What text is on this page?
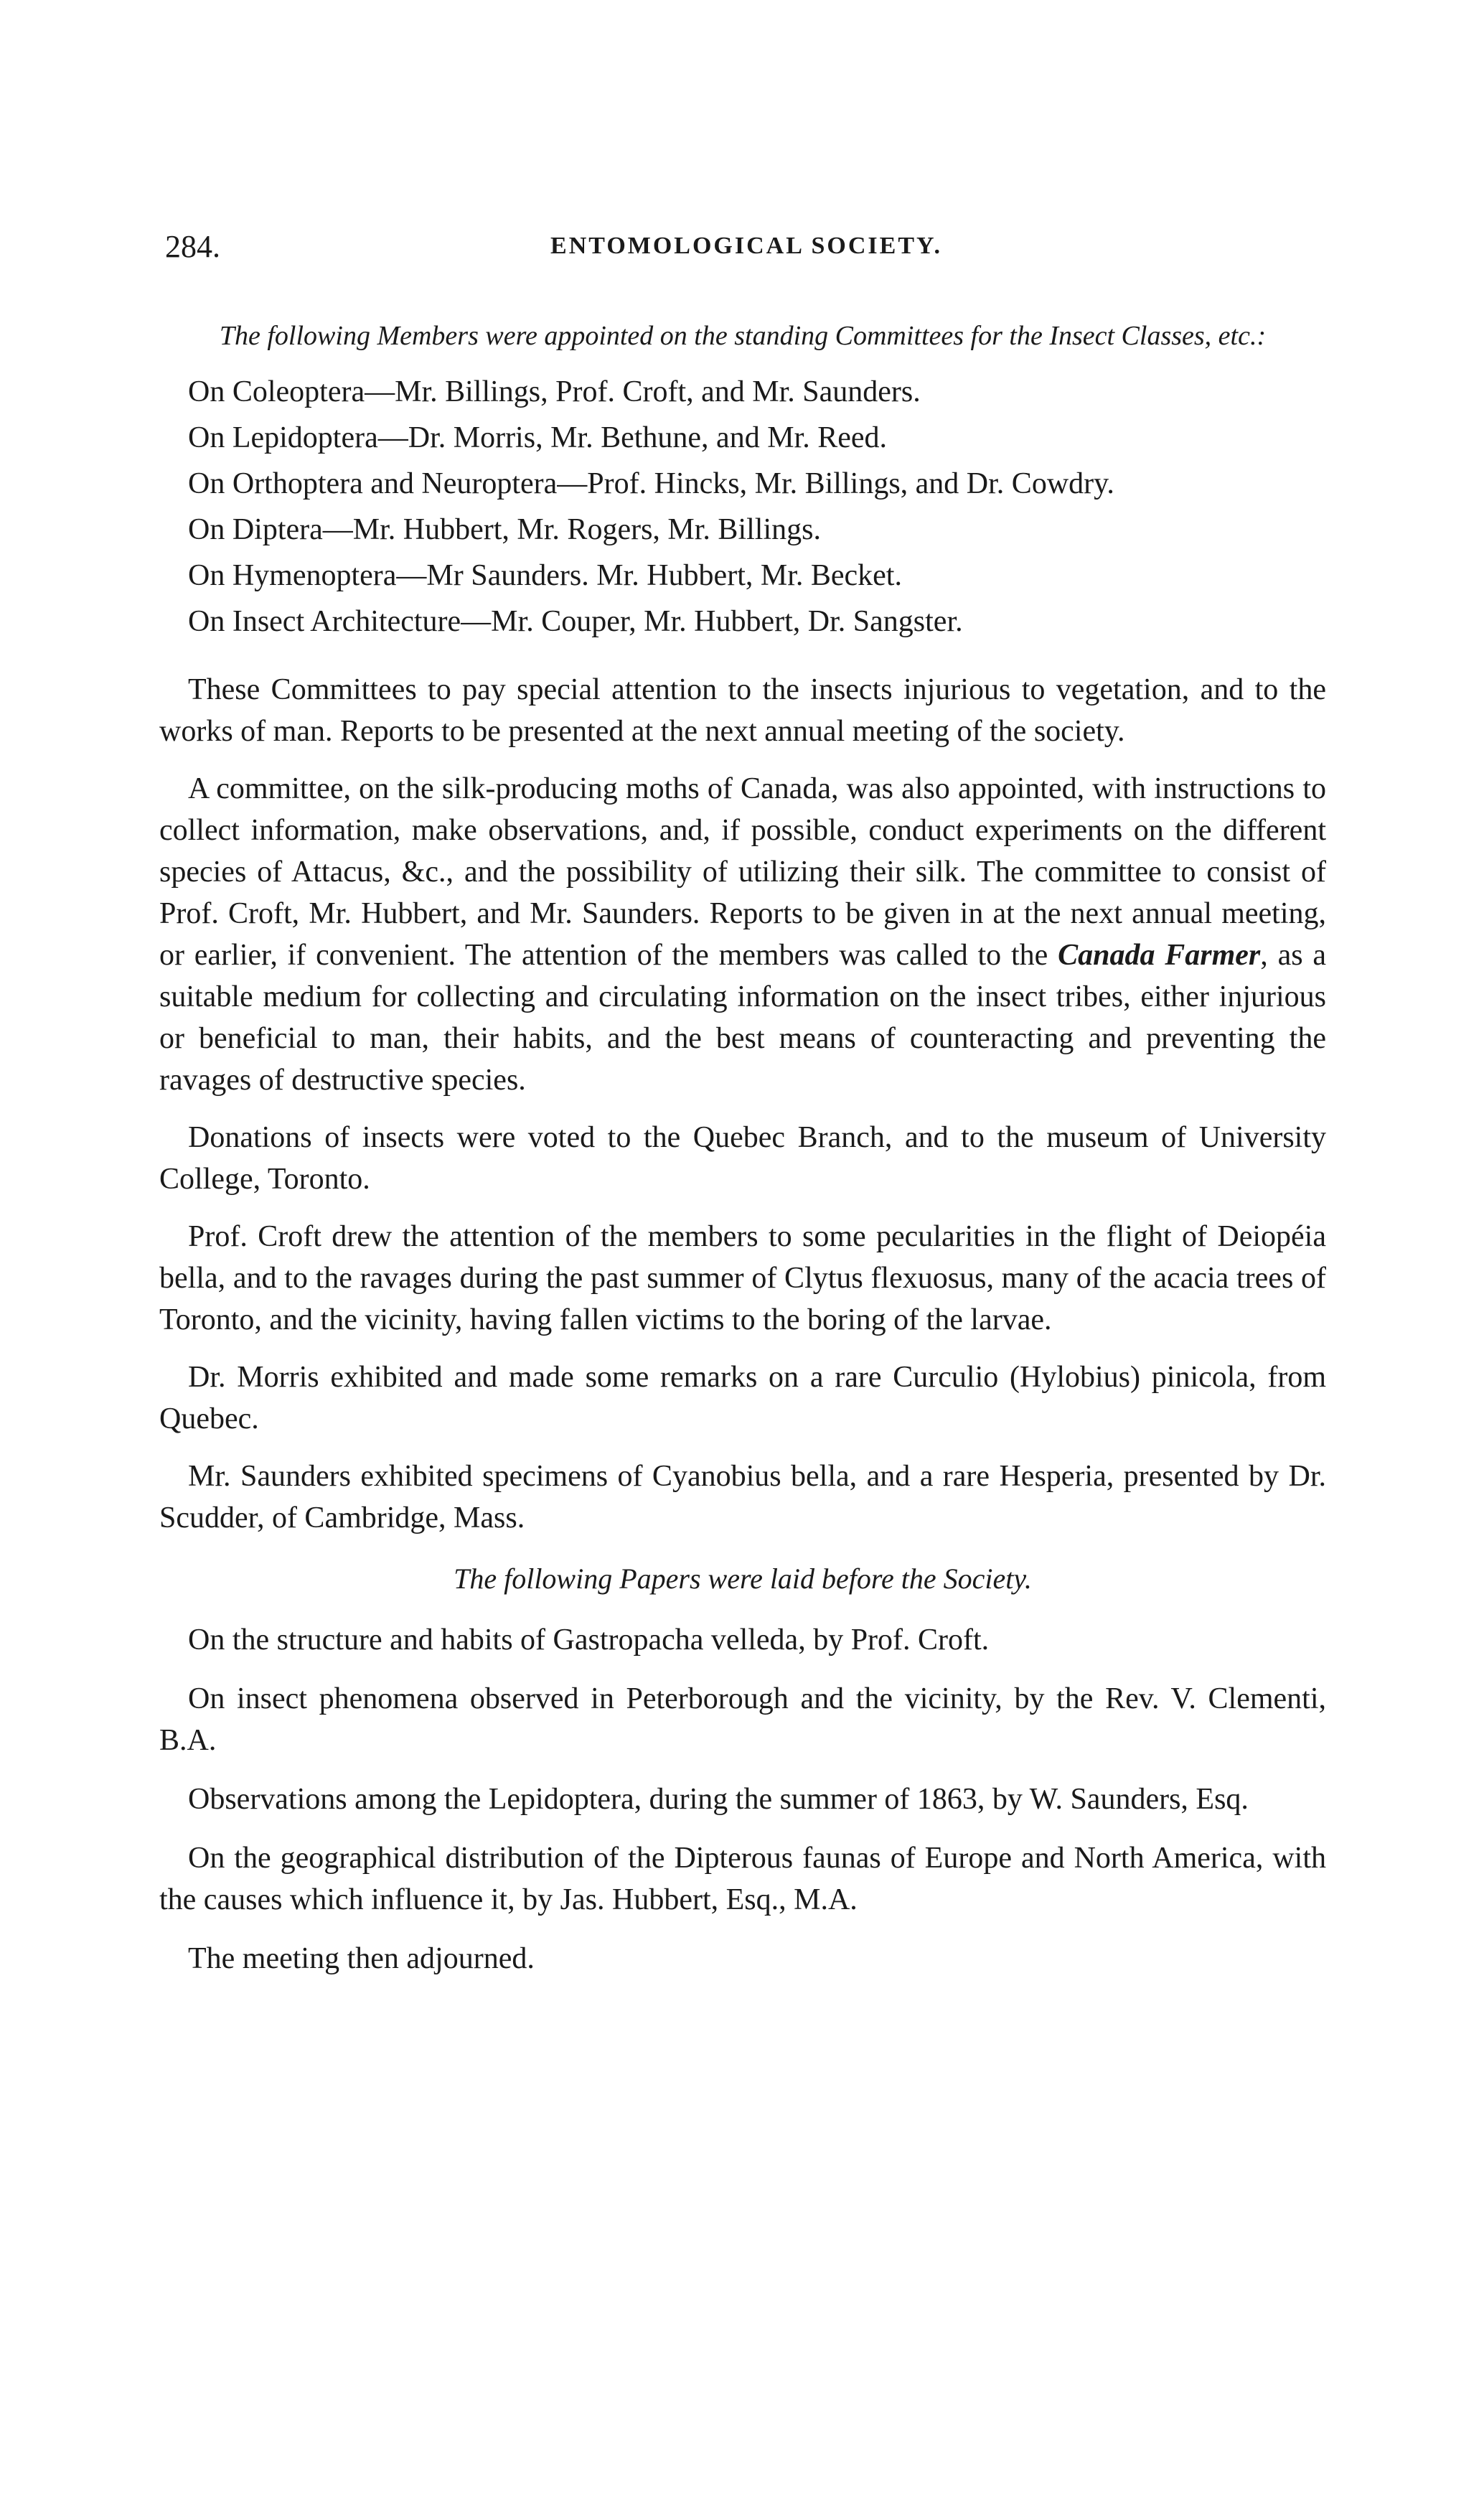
284.	ENTOMOLOGICAL SOCIETY.

The following Members were appointed on the standing Committees for the Insect Classes, etc.:

On Coleoptera—Mr. Billings, Prof. Croft, and Mr. Saunders.
On Lepidoptera—Dr. Morris, Mr. Bethune, and Mr. Reed.
On Orthoptera and Neuroptera—Prof. Hincks, Mr. Billings, and Dr. Cowdry.
On Diptera—Mr. Hubbert, Mr. Rogers, Mr. Billings.
On Hymenoptera—Mr Saunders. Mr. Hubbert, Mr. Becket.
On Insect Architecture—Mr. Couper, Mr. Hubbert, Dr. Sangster.

These Committees to pay special attention to the insects injurious to vegetation, and to the works of man. Reports to be presented at the next annual meeting of the society.

A committee, on the silk-producing moths of Canada, was also appointed, with instructions to collect information, make observations, and, if possible, conduct experiments on the different species of Attacus, &c., and the possibility of utilizing their silk. The committee to consist of Prof. Croft, Mr. Hubbert, and Mr. Saunders. Reports to be given in at the next annual meeting, or earlier, if convenient. The attention of the members was called to the Canada Farmer, as a suitable medium for collecting and circulating information on the insect tribes, either injurious or beneficial to man, their habits, and the best means of counteracting and preventing the ravages of destructive species.

Donations of insects were voted to the Quebec Branch, and to the museum of University College, Toronto.

Prof. Croft drew the attention of the members to some pecularities in the flight of Deiopéia bella, and to the ravages during the past summer of Clytus flexuosus, many of the acacia trees of Toronto, and the vicinity, having fallen victims to the boring of the larvae.

Dr. Morris exhibited and made some remarks on a rare Curculio (Hylobius) pinicola, from Quebec.

Mr. Saunders exhibited specimens of Cyanobius bella, and a rare Hesperia, presented by Dr. Scudder, of Cambridge, Mass.

The following Papers were laid before the Society.

On the structure and habits of Gastropacha velleda, by Prof. Croft.

On insect phenomena observed in Peterborough and the vicinity, by the Rev. V. Clementi, B.A.

Observations among the Lepidoptera, during the summer of 1863, by W. Saunders, Esq.

On the geographical distribution of the Dipterous faunas of Europe and North America, with the causes which influence it, by Jas. Hubbert, Esq., M.A.

The meeting then adjourned.
